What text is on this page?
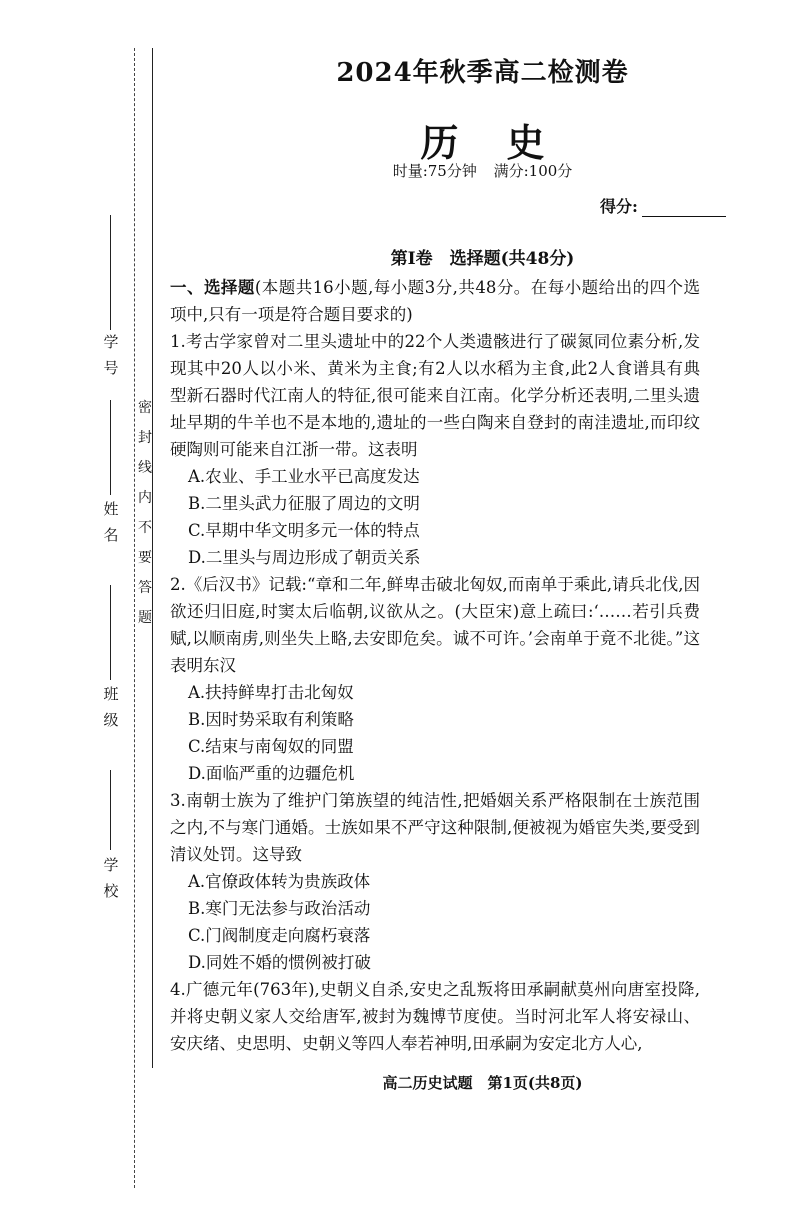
学
号
姓
名
班
级
学
校
密
封
线
内
不
要
答
题
2024年秋季高二检测卷
历史
时量:75分钟 满分:100分
得分:
第Ⅰ卷　选择题(共48分)

一、选择题(本题共16小题,每小题3分,共48分。在每小题给出的四个选项中,只有一项是符合题目要求的)

1.考古学家曾对二里头遗址中的22个人类遗骸进行了碳氮同位素分析,发现其中20人以小米、黄米为主食;有2人以水稻为主食,此2人食谱具有典型新石器时代江南人的特征,很可能来自江南。化学分析还表明,二里头遗址早期的牛羊也不是本地的,遗址的一些白陶来自登封的南洼遗址,而印纹硬陶则可能来自江浙一带。这表明

A.农业、手工业水平已高度发达

B.二里头武力征服了周边的文明

C.早期中华文明多元一体的特点

D.二里头与周边形成了朝贡关系

2.《后汉书》记载:“章和二年,鲜卑击破北匈奴,而南单于乘此,请兵北伐,因欲还归旧庭,时窦太后临朝,议欲从之。(大臣宋)意上疏曰:‘……若引兵费赋,以顺南虏,则坐失上略,去安即危矣。诚不可许。’会南单于竟不北徙。”这表明东汉

A.扶持鲜卑打击北匈奴

B.因时势采取有利策略

C.结束与南匈奴的同盟

D.面临严重的边疆危机

3.南朝士族为了维护门第族望的纯洁性,把婚姻关系严格限制在士族范围之内,不与寒门通婚。士族如果不严守这种限制,便被视为婚宦失类,要受到清议处罚。这导致

A.官僚政体转为贵族政体

B.寒门无法参与政治活动

C.门阀制度走向腐朽衰落

D.同姓不婚的惯例被打破

4.广德元年(763年),史朝义自杀,安史之乱叛将田承嗣献莫州向唐室投降,并将史朝义家人交给唐军,被封为魏博节度使。当时河北军人将安禄山、安庆绪、史思明、史朝义等四人奉若神明,田承嗣为安定北方人心,

高二历史试题　第1页(共8页)
